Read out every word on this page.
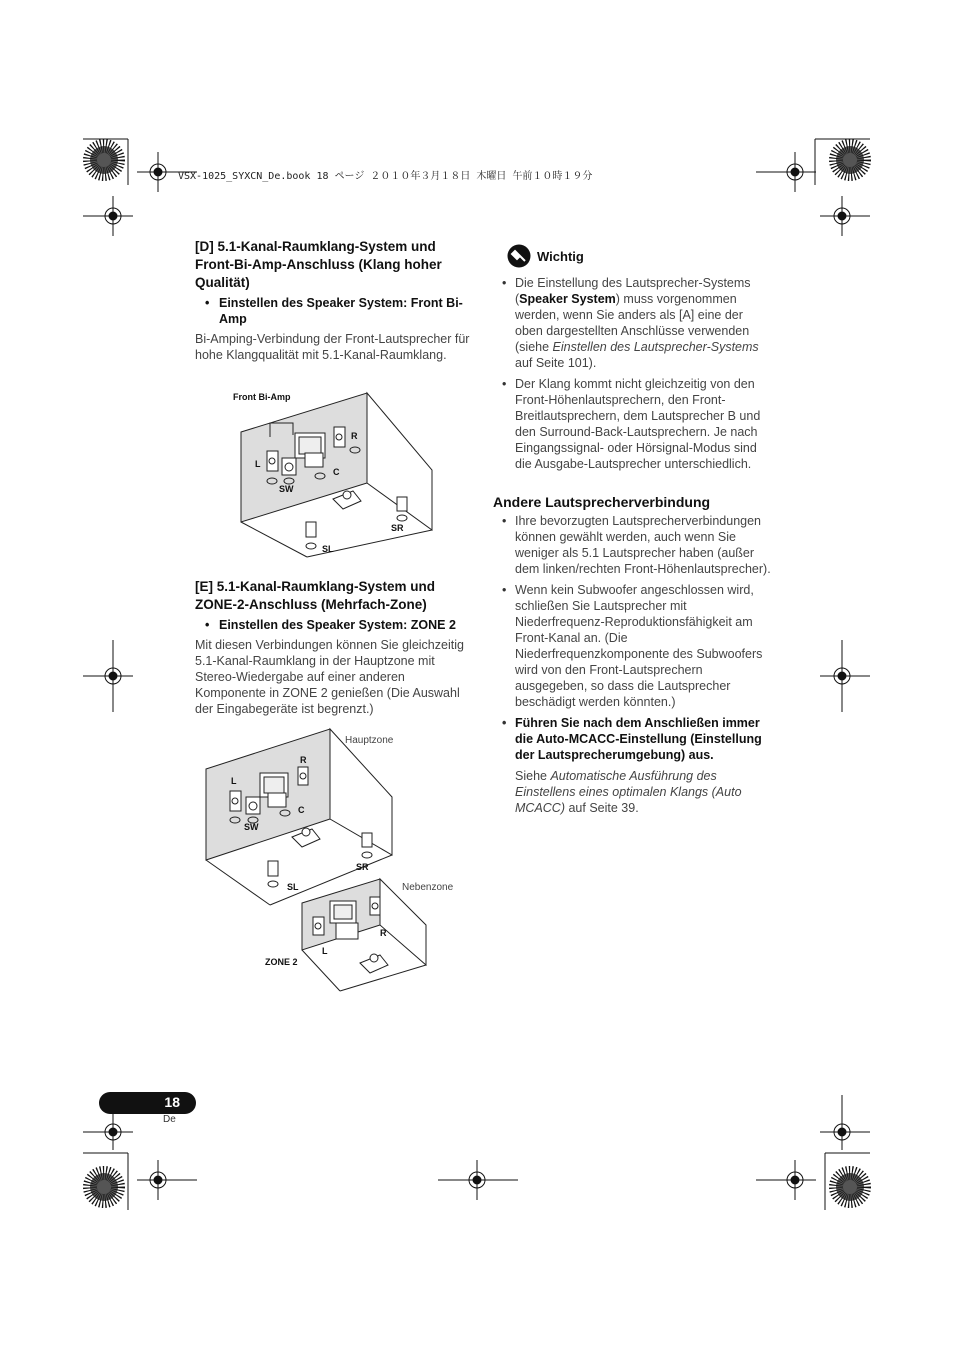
VSX-1025_SYXCN_De.book 18 ページ ２０１０年３月１８日 木曜日 午前１０時１９分
[D] 5.1-Kanal-Raumklang-System und Front-Bi-Amp-Anschluss (Klang hoher Qualität)
• Einstellen des Speaker System: Front Bi-Amp
Bi-Amping-Verbindung der Front-Lautsprecher für hohe Klangqualität mit 5.1-Kanal-Raumklang.
Front Bi-Amp
L
R
C
SW
SL
SR
[E] 5.1-Kanal-Raumklang-System und ZONE-2-Anschluss (Mehrfach-Zone)
• Einstellen des Speaker System: ZONE 2
Mit diesen Verbindungen können Sie gleichzeitig 5.1-Kanal-Raumklang in der Hauptzone mit Stereo-Wiedergabe auf einer anderen Komponente in ZONE 2 genießen (Die Auswahl der Eingabegeräte ist begrenzt.)
Hauptzone
Nebenzone
L
R
C
SW
SL
SR
L
R
ZONE 2
Wichtig
• Die Einstellung des Lautsprecher-Systems (Speaker System) muss vorgenommen werden, wenn Sie anders als [A] eine der oben dargestellten Anschlüsse verwenden (siehe Einstellen des Lautsprecher-Systems auf Seite 101).
• Der Klang kommt nicht gleichzeitig von den Front-Höhenlautsprechern, den Front-Breitlautsprechern, dem Lautsprecher B und den Surround-Back-Lautsprechern. Je nach Eingangssignal- oder Hörsignal-Modus sind die Ausgabe-Lautsprecher unterschiedlich.
Andere Lautsprecherverbindung
• Ihre bevorzugten Lautsprecherverbindungen können gewählt werden, auch wenn Sie weniger als 5.1 Lautsprecher haben (außer dem linken/rechten Front-Höhenlautsprecher).
• Wenn kein Subwoofer angeschlossen wird, schließen Sie Lautsprecher mit Niederfrequenz-Reproduktionsfähigkeit am Front-Kanal an. (Die Niederfrequenzkomponente des Subwoofers wird von den Front-Lautsprechern ausgegeben, so dass die Lautsprecher beschädigt werden könnten.)
• Führen Sie nach dem Anschließen immer die Auto-MCACC-Einstellung (Einstellung der Lautsprecherumgebung) aus.
Siehe Automatische Ausführung des Einstellens eines optimalen Klangs (Auto MCACC) auf Seite 39.
18
De
